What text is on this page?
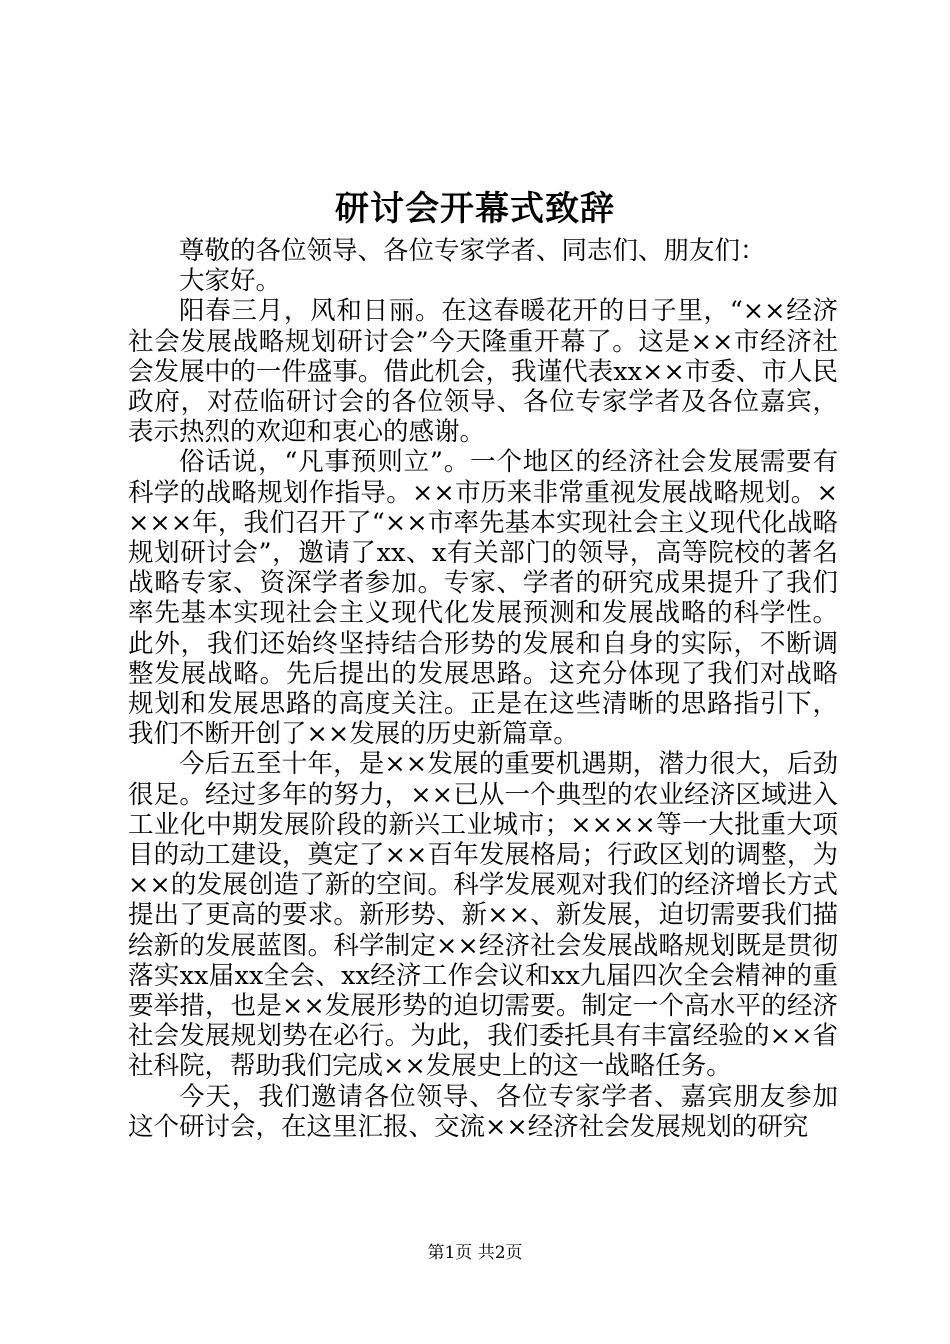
研讨会开幕式致辞

尊敬的各位领导、各位专家学者、同志们、朋友们：

大家好。

阳春三月，风和日丽。在这春暖花开的日子里，“××经济社会发展战略规划研讨会”今天隆重开幕了。这是××市经济社会发展中的一件盛事。借此机会，我谨代表xx××市委、市人民政府，对莅临研讨会的各位领导、各位专家学者及各位嘉宾，表示热烈的欢迎和衷心的感谢。

俗话说，“凡事预则立”。一个地区的经济社会发展需要有科学的战略规划作指导。××市历来非常重视发展战略规划。××××年，我们召开了“××市率先基本实现社会主义现代化战略规划研讨会”，邀请了xx、x有关部门的领导，高等院校的著名战略专家、资深学者参加。专家、学者的研究成果提升了我们率先基本实现社会主义现代化发展预测和发展战略的科学性。此外，我们还始终坚持结合形势的发展和自身的实际，不断调整发展战略。先后提出的发展思路。这充分体现了我们对战略规划和发展思路的高度关注。正是在这些清晰的思路指引下，我们不断开创了××发展的历史新篇章。

今后五至十年，是××发展的重要机遇期，潜力很大，后劲很足。经过多年的努力，××已从一个典型的农业经济区域进入工业化中期发展阶段的新兴工业城市；××××等一大批重大项目的动工建设，奠定了××百年发展格局；行政区划的调整，为××的发展创造了新的空间。科学发展观对我们的经济增长方式提出了更高的要求。新形势、新××、新发展，迫切需要我们描绘新的发展蓝图。科学制定××经济社会发展战略规划既是贯彻落实xx届xx全会、xx经济工作会议和xx九届四次全会精神的重要举措，也是××发展形势的迫切需要。制定一个高水平的经济社会发展规划势在必行。为此，我们委托具有丰富经验的××省社科院，帮助我们完成××发展史上的这一战略任务。

今天，我们邀请各位领导、各位专家学者、嘉宾朋友参加这个研讨会，在这里汇报、交流××经济社会发展规划的研究

第1页 共2页
